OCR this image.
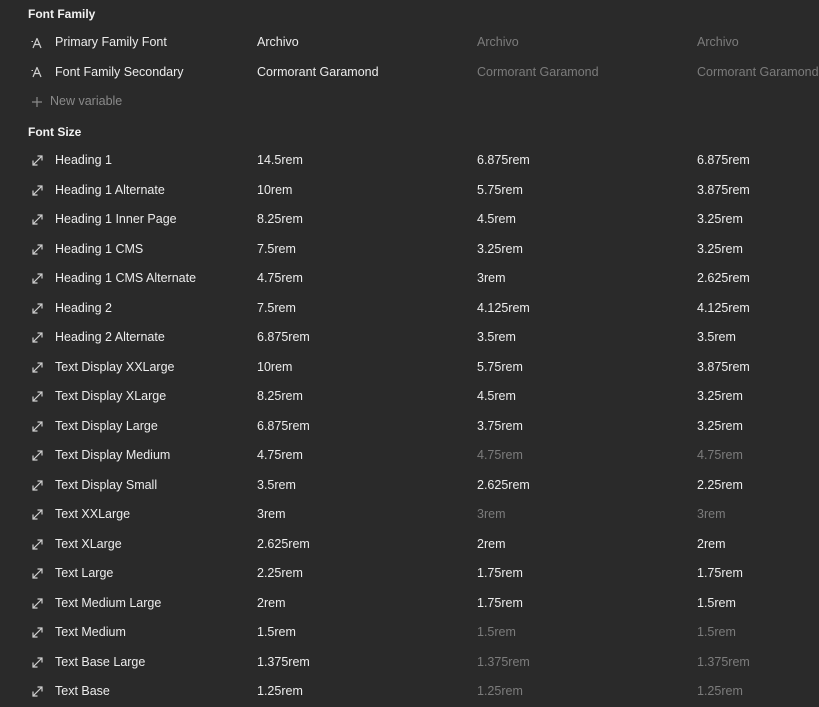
Font Family
Primary Family Font	Archivo	Archivo	Archivo
Font Family Secondary	Cormorant Garamond	Cormorant Garamond	Cormorant Garamond
New variable
Font Size
Heading 1	14.5rem	6.875rem	6.875rem
Heading 1 Alternate	10rem	5.75rem	3.875rem
Heading 1 Inner Page	8.25rem	4.5rem	3.25rem
Heading 1 CMS	7.5rem	3.25rem	3.25rem
Heading 1 CMS Alternate	4.75rem	3rem	2.625rem
Heading 2	7.5rem	4.125rem	4.125rem
Heading 2 Alternate	6.875rem	3.5rem	3.5rem
Text Display XXLarge	10rem	5.75rem	3.875rem
Text Display XLarge	8.25rem	4.5rem	3.25rem
Text Display Large	6.875rem	3.75rem	3.25rem
Text Display Medium	4.75rem	4.75rem	4.75rem
Text Display Small	3.5rem	2.625rem	2.25rem
Text XXLarge	3rem	3rem	3rem
Text XLarge	2.625rem	2rem	2rem
Text Large	2.25rem	1.75rem	1.75rem
Text Medium Large	2rem	1.75rem	1.5rem
Text Medium	1.5rem	1.5rem	1.5rem
Text Base Large	1.375rem	1.375rem	1.375rem
Text Base	1.25rem	1.25rem	1.25rem
